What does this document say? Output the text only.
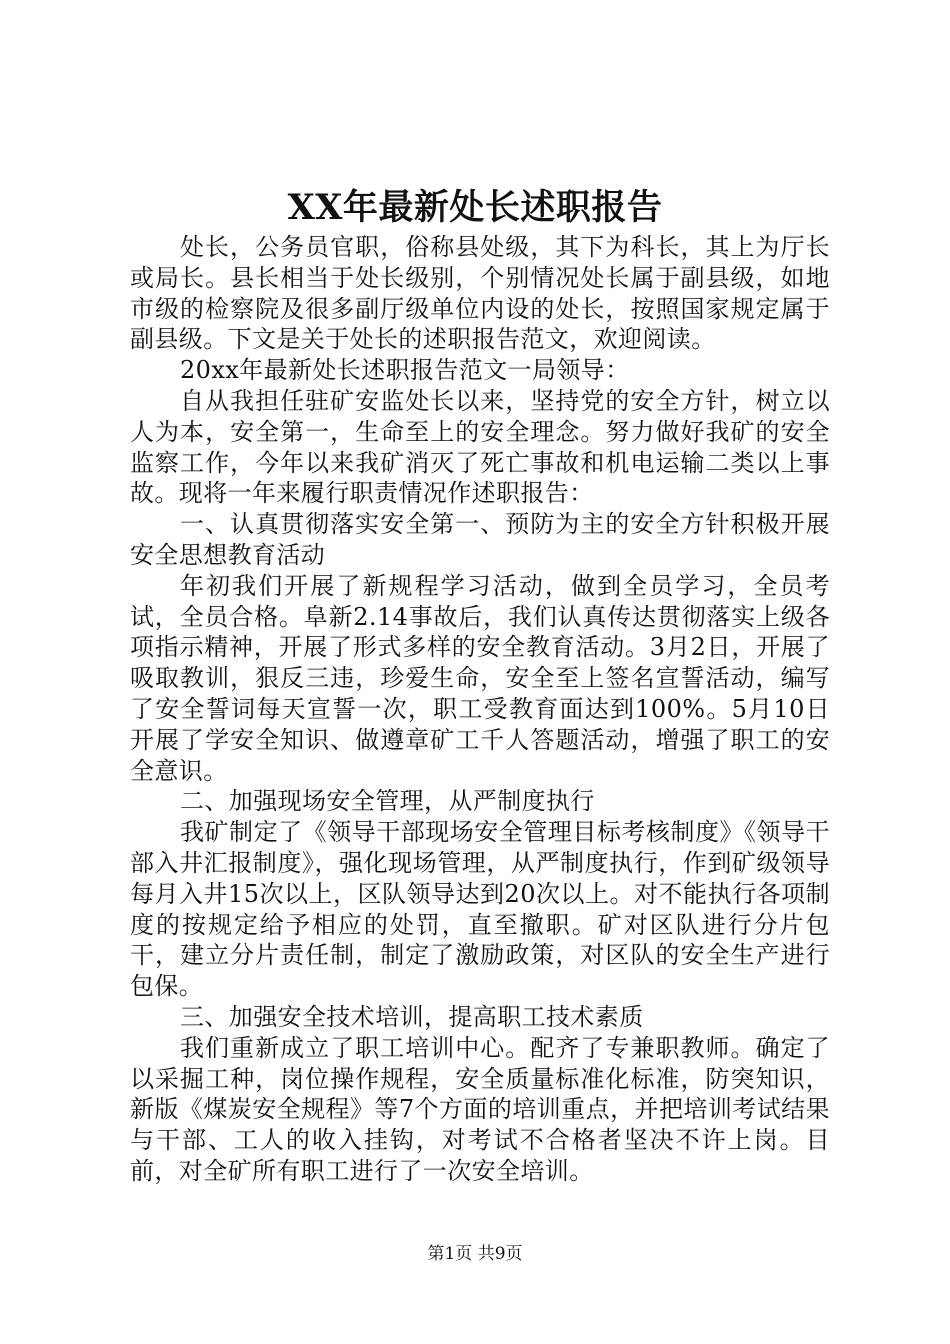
XX年最新处长述职报告

处长，公务员官职，俗称县处级，其下为科长，其上为厅长或局长。县长相当于处长级别，个别情况处长属于副县级，如地市级的检察院及很多副厅级单位内设的处长，按照国家规定属于副县级。下文是关于处长的述职报告范文，欢迎阅读。

20xx年最新处长述职报告范文一局领导：

自从我担任驻矿安监处长以来，坚持党的安全方针，树立以人为本，安全第一，生命至上的安全理念。努力做好我矿的安全监察工作，今年以来我矿消灭了死亡事故和机电运输二类以上事故。现将一年来履行职责情况作述职报告：

一、认真贯彻落实安全第一、预防为主的安全方针积极开展安全思想教育活动

年初我们开展了新规程学习活动，做到全员学习，全员考试，全员合格。阜新2.14事故后，我们认真传达贯彻落实上级各项指示精神，开展了形式多样的安全教育活动。3月2日，开展了吸取教训，狠反三违，珍爱生命，安全至上签名宣誓活动，编写了安全誓词每天宣誓一次，职工受教育面达到100%。5月10日开展了学安全知识、做遵章矿工千人答题活动，增强了职工的安全意识。

二、加强现场安全管理，从严制度执行

我矿制定了《领导干部现场安全管理目标考核制度》《领导干部入井汇报制度》，强化现场管理，从严制度执行，作到矿级领导每月入井15次以上，区队领导达到20次以上。对不能执行各项制度的按规定给予相应的处罚，直至撤职。矿对区队进行分片包干，建立分片责任制，制定了激励政策，对区队的安全生产进行包保。

三、加强安全技术培训，提高职工技术素质

我们重新成立了职工培训中心。配齐了专兼职教师。确定了以采掘工种，岗位操作规程，安全质量标准化标准，防突知识，新版《煤炭安全规程》等7个方面的培训重点，并把培训考试结果与干部、工人的收入挂钩，对考试不合格者坚决不许上岗。目前，对全矿所有职工进行了一次安全培训。

第1页 共9页
